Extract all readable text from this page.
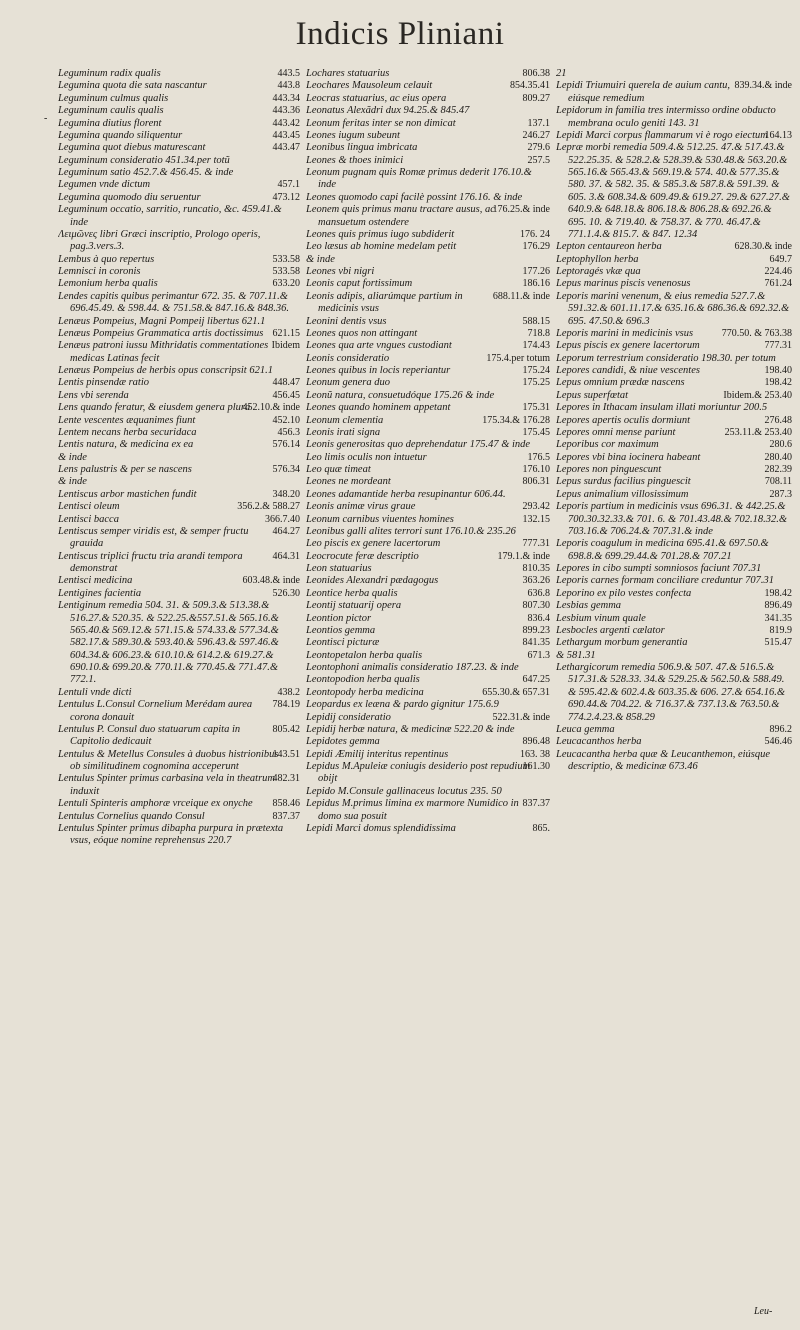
Indicis Pliniani
-

443.5
Leguminum radix qualis

443.8
Legumina quota die sata nascantur

443.34
Leguminum culmus qualis

443.36
Leguminum caulis qualis

443.42
Legumina diutius florent

443.45
Legumina quando siliquentur

443.47
Legumina quot diebus maturescant

Leguminum consideratio 451.34.per totũ

Leguminum satio 452.7.& 456.45. & inde

457.1
Legumen vnde dictum

473.12
Legumina quomodo diu seruentur

Leguminum occatio, sarritio, runcatio, &c. 459.41.& inde

Λειμῶνες libri Græci inscriptio, Prologo operis, pag.3.vers.3.

533.58
Lembus à quo repertus

533.58
Lemnisci in coronis

633.20
Lemonium herba qualis

Lendes capitis quibus perimantur 672. 35. & 707.11.& 696.45.49. & 598.44. & 751.58.& 847.16.& 848.36.

Lenæus Pompeius, Magni Pompeij libertus 621.1

621.15
Lenæus Pompeius Grammatica artis doctissimus

Ibidem
Lenæus patroni iussu Mithridatis commentationes medicas Latinas fecit

Lenæus Pompeius de herbis opus conscripsit 621.1

448.47
Lentis pinsendæ ratio

456.45
Lens vbi serenda

452.10.& inde
Lens quando feratur, & eiusdem genera plura

452.10
Lente vescentes æquanimes fiunt

456.3
Lentem necans herba securidaca

576.14
Lentis natura, & medicina ex ea

& inde

576.34
Lens palustris & per se nascens

& inde

348.20
Lentiscus arbor mastichen fundit

356.2.& 588.27
Lentisci oleum

366.7.40
Lentisci bacca

464.27
Lentiscus semper viridis est, & semper fructu grauida

464.31
Lentiscus triplici fructu tria arandi tempora demonstrat

603.48.& inde
Lentisci medicina

526.30
Lentigines facientia

Lentiginum remedia 504. 31. & 509.3.& 513.38.& 516.27.& 520.35. & 522.25.&557.51.& 565.16.& 565.40.& 569.12.& 571.15.& 574.33.& 577.34.& 582.17.& 589.30.& 593.40.& 596.43.& 597.46.& 604.34.& 606.23.& 610.10.& 614.2.& 619.27.& 690.10.& 699.20.& 770.11.& 770.45.& 771.47.& 772.1.

438.2
Lentuli vnde dicti

784.19
Lentulus L.Consul Cornelium Merédam aurea corona donauit

805.42
Lentulus P. Consul duo statuarum capita in Capitolio dedicauit

143.51
Lentulus & Metellus Consules à duobus histrionibus ob similitudinem cognomina acceperunt

482.31
Lentulus Spinter primus carbasina vela in theatrum induxit

858.46
Lentuli Spinteris amphoræ vrceique ex onyche

837.37
Lentulus Cornelius quando Consul

Lentulus Spinter primus dibapha purpura in prætexta vsus, eóque nomine reprehensus 220.7

806.38
Lochares statuarius

854.35.41
Leochares Mausoleum celauit

809.27
Leocras statuarius, ac eius opera

Leonatus Alexãdri dux 94.25.& 845.47

137.1
Leonum feritas inter se non dimicat

246.27
Leones iugum subeunt

279.6
Leonibus lingua imbricata

257.5
Leones & thoes inimici

Leonum pugnam quis Romæ primus dederit 176.10.& inde

Leones quomodo capi facilè possint 176.16. & inde

176.25.& inde
Leonem quis primus manu tractare ausus, ac mansuetum ostendere

176. 24
Leones quis primus iugo subdiderit

176.29
Leo læsus ab homine medelam petit

& inde

177.26
Leones vbi nigri

186.16
Leonis caput fortissimum

688.11.& inde
Leonis adipis, aliarúmque partium in medicinis vsus

588.15
Leonini dentis vsus

718.8
Leones quos non attingant

174.43
Leones qua arte vngues custodiant

175.4.per totum
Leonis consideratio

175.24
Leones quibus in locis reperiantur

175.25
Leonum genera duo

Leonũ natura, consuetudóque 175.26 & inde

175.31
Leones quando hominem appetant

175.34.& 176.28
Leonum clementia

175.45
Leonis irati signa

Leonis generositas quo deprehendatur 175.47 & inde

176.5
Leo limis oculis non intuetur

176.10
Leo quæ timeat

806.31
Leones ne mordeant

Leones adamantide herba resupinantur 606.44.

293.42
Leonis animæ virus graue

132.15
Leonum carnibus viuentes homines

Leonibus galli alites terrori sunt 176.10.& 235.26

777.31
Leo piscis ex genere lacertorum

179.1.& inde
Leocrocute feræ descriptio

810.35
Leon statuarius

363.26
Leonides Alexandri pædagogus

636.8
Leontice herba qualis

807.30
Leontij statuarij opera

836.4
Leontion pictor

899.23
Leontios gemma

841.35
Leontisci picturæ

671.3
Leontopetalon herba qualis

Leontophoni animalis consideratio 187.23. & inde

647.25
Leontopodion herba qualis

655.30.& 657.31
Leontopody herba medicina

Leopardus ex leæna & pardo gignitur 175.6.9

522.31.& inde
Lepidij consideratio

Lepidij herbæ natura, & medicinæ 522.20 & inde

896.48
Lepidotes gemma

163. 38
Lepidi Æmilij interitus repentinus

161.30
Lepidus M.Apuleiæ coniugis desiderio post repudium obijt

Lepido M.Consule gallinaceus locutus 235. 50

837.37
Lepidus M.primus limina ex marmore Numidico in domo sua posuit

865.
Lepidi Marci domus splendidissima

21

839.34.& inde
Lepidi Triumuiri querela de auium cantu, eiúsque remedium

Lepidorum in familia tres intermisso ordine obducto membrana oculo geniti 143. 31

164.13
Lepidi Marci corpus flammarum vi è rogo eiectum

Lepræ morbi remedia 509.4.& 512.25. 47.& 517.43.& 522.25.35. & 528.2.& 528.39.& 530.48.& 563.20.& 565.16.& 565.43.& 569.19.& 574. 40.& 577.35.& 580. 37. & 582. 35. & 585.3.& 587.8.& 591.39. & 605. 3.& 608.34.& 609.49.& 619.27. 29.& 627.27.& 640.9.& 648.18.& 806.18.& 806.28.& 692.26.& 695. 10. & 719.40. & 758.37. & 770. 46.47.& 771.1.4.& 815.7. & 847. 12.34

628.30.& inde
Lepton centaureon herba

649.7
Leptophyllon herba

224.46
Leptoragés vkæ qua

761.24
Lepus marinus piscis venenosus

Leporis marini venenum, & eius remedia 527.7.& 591.32.& 601.11.17.& 635.16.& 686.36.& 692.32.& 695. 47.50.& 696.3

770.50. & 763.38
Leporis marini in medicinis vsus

777.31
Lepus piscis ex genere lacertorum

Leporum terrestrium consideratio 198.30. per totum

198.40
Lepores candidi, & niue vescentes

198.42
Lepus omnium prædæ nascens

Ibidem.& 253.40
Lepus superfœtat

Lepores in Ithacam insulam illati moriuntur 200.5

276.48
Lepores apertis oculis dormiunt

253.11.& 253.40
Lepores omni mense pariunt

280.6
Leporibus cor maximum

280.40
Lepores vbi bina iocinera habeant

282.39
Lepores non pinguescunt

708.11
Lepus surdus facilius pinguescit

287.3
Lepus animalium villosissimum

Leporis partium in medicinis vsus 696.31. & 442.25.& 700.30.32.33.& 701. 6. & 701.43.48.& 702.18.32.& 703.16.& 706.24.& 707.31.& inde

Leporis coagulum in medicina 695.41.& 697.50.& 698.8.& 699.29.44.& 701.28.& 707.21

Lepores in cibo sumpti somniosos faciunt 707.31

Leporis carnes formam conciliare creduntur 707.31

198.42
Leporino ex pilo vestes confecta

896.49
Lesbias gemma

341.35
Lesbium vinum quale

819.9
Lesbocles argenti cælator

515.47
Lethargum morbum generantia

& 581.31

Lethargicorum remedia 506.9.& 507. 47.& 516.5.& 517.31.& 528.33. 34.& 529.25.& 562.50.& 588.49. & 595.42.& 602.4.& 603.35.& 606. 27.& 654.16.& 690.44.& 704.22. & 716.37.& 737.13.& 763.50.& 774.2.4.23.& 858.29

896.2
Leuca gemma

546.46
Leucacanthos herba

Leucacantha herba quæ & Leucanthemon, eiúsque descriptio, & medicinæ 673.46

Leu-
